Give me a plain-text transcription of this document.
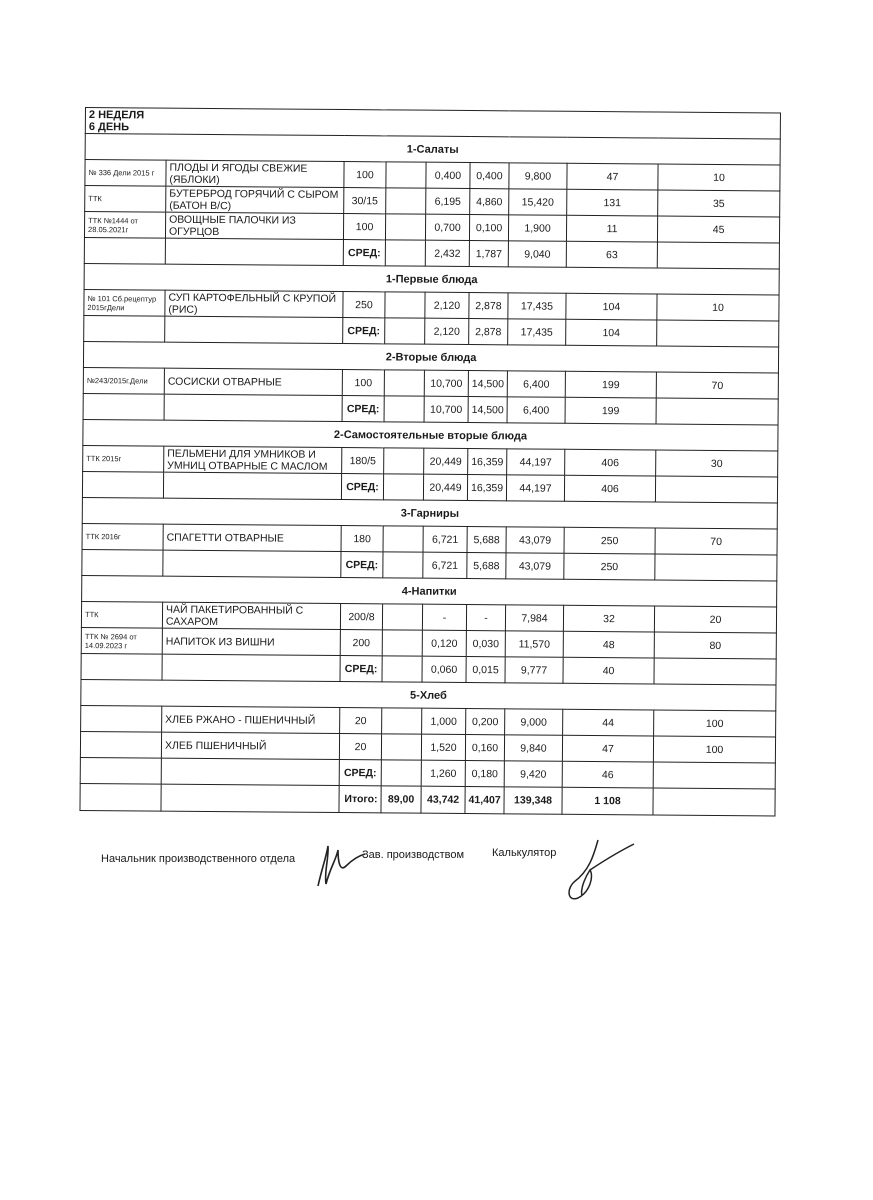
2 НЕДЕЛЯ
6 ДЕНЬ								

1-Салаты								
№ 336 Дели 2015 г	ПЛОДЫ И ЯГОДЫ СВЕЖИЕ (ЯБЛОКИ)	100		0,400	0,400	9,800	47	10
ТТК	БУТЕРБРОД ГОРЯЧИЙ С СЫРОМ (БАТОН В/С)	30/15		6,195	4,860	15,420	131	35
ТТК №1444 от 28.05.2021г	ОВОЩНЫЕ ПАЛОЧКИ ИЗ ОГУРЦОВ	100		0,700	0,100	1,900	11	45
		СРЕД:		2,432	1,787	9,040	63	
1-Первые блюда								
№ 101 Сб.рецептур 2015гДели	СУП КАРТОФЕЛЬНЫЙ С КРУПОЙ (РИС)	250		2,120	2,878	17,435	104	10
		СРЕД:		2,120	2,878	17,435	104	
2-Вторые блюда								
№243/2015г.Дели	СОСИСКИ ОТВАРНЫЕ	100		10,700	14,500	6,400	199	70
		СРЕД:		10,700	14,500	6,400	199	
2-Самостоятельные вторые блюда								
ТТК 2015г	ПЕЛЬМЕНИ ДЛЯ УМНИКОВ И УМНИЦ ОТВАРНЫЕ С МАСЛОМ	180/5		20,449	16,359	44,197	406	30
		СРЕД:		20,449	16,359	44,197	406	
3-Гарниры								
ТТК 2016г	СПАГЕТТИ ОТВАРНЫЕ	180		6,721	5,688	43,079	250	70
		СРЕД:		6,721	5,688	43,079	250	
4-Напитки								
ТТК	ЧАЙ ПАКЕТИРОВАННЫЙ С САХАРОМ	200/8		-	-	7,984	32	20
ТТК № 2694 от 14.09.2023 г	НАПИТОК ИЗ ВИШНИ	200		0,120	0,030	11,570	48	80
		СРЕД:		0,060	0,015	9,777	40	
5-Хлеб								
	ХЛЕБ РЖАНО - ПШЕНИЧНЫЙ	20		1,000	0,200	9,000	44	100
	ХЛЕБ ПШЕНИЧНЫЙ	20		1,520	0,160	9,840	47	100
		СРЕД:		1,260	0,180	9,420	46	
		Итого:	89,00	43,742	41,407	139,348	1 108	
Начальник производственного отдела	Зав. производством	Калькулятор
